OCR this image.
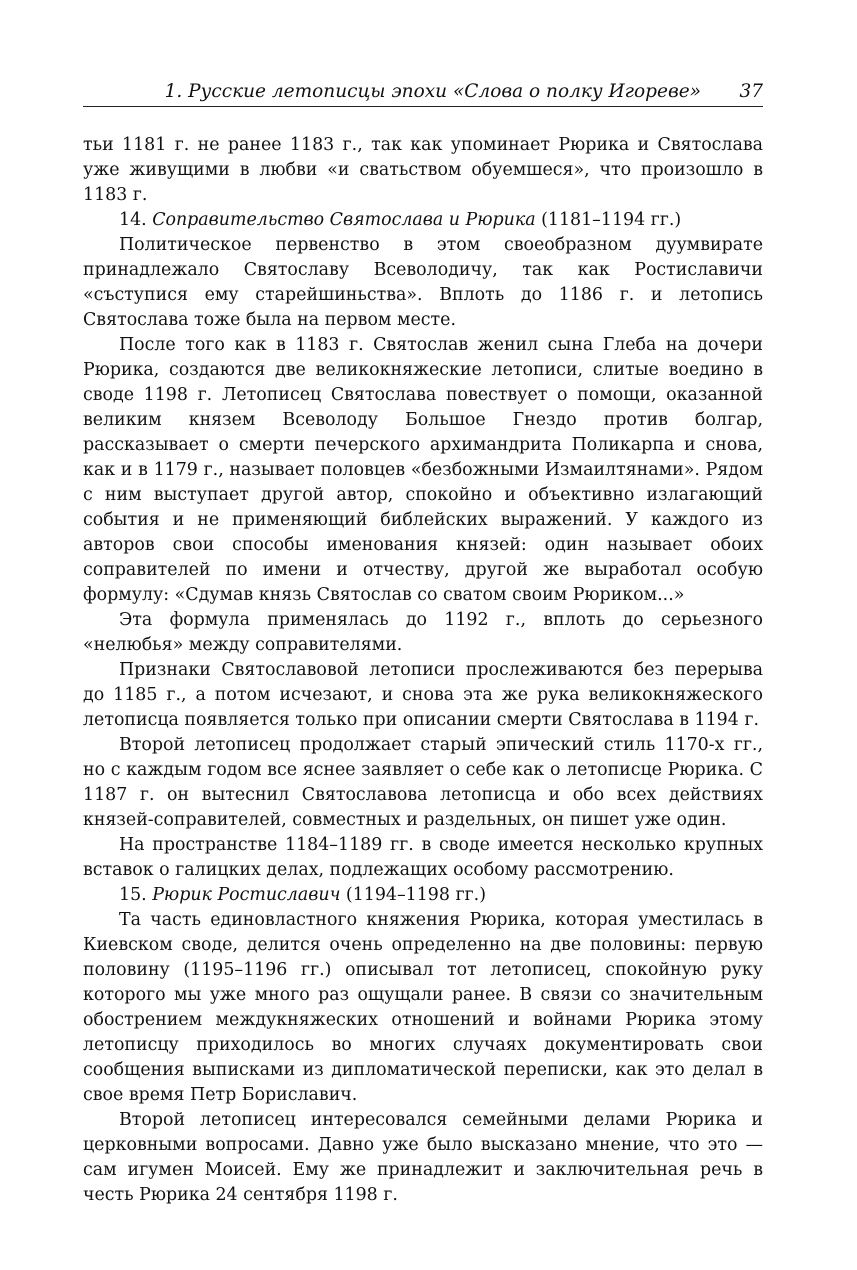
1. Русские летописцы эпохи «Слова о полку Игореве» 37

тьи 1181 г. не ранее 1183 г., так как упоминает Рюрика и Святослава уже живущими в любви «и сватьством обуемшеся», что произошло в 1183 г.

14. Соправительство Святослава и Рюрика (1181–1194 гг.)

Политическое первенство в этом своеобразном дуумвирате принадлежало Святославу Всеволодичу, так как Ростиславичи «съступися ему старейшиньства». Вплоть до 1186 г. и летопись Святослава тоже была на первом месте.

После того как в 1183 г. Святослав женил сына Глеба на дочери Рюрика, создаются две великокняжеские летописи, слитые воедино в своде 1198 г. Летописец Святослава повествует о помощи, оказанной великим князем Всеволоду Большое Гнездо против болгар, рассказывает о смерти печерского архимандрита Поликарпа и снова, как и в 1179 г., называет половцев «безбожными Измаилтянами». Рядом с ним выступает другой автор, спокойно и объективно излагающий события и не применяющий библейских выражений. У каждого из авторов свои способы именования князей: один называет обоих соправителей по имени и отчеству, другой же выработал особую формулу: «Сдумав князь Святослав со сватом своим Рюриком...»

Эта формула применялась до 1192 г., вплоть до серьезного «нелюбья» между соправителями.

Признаки Святославовой летописи прослеживаются без перерыва до 1185 г., а потом исчезают, и снова эта же рука великокняжеского летописца появляется только при описании смерти Святослава в 1194 г.

Второй летописец продолжает старый эпический стиль 1170-х гг., но с каждым годом все яснее заявляет о себе как о летописце Рюрика. С 1187 г. он вытеснил Святославова летописца и обо всех действиях князей-соправителей, совместных и раздельных, он пишет уже один.

На пространстве 1184–1189 гг. в своде имеется несколько крупных вставок о галицких делах, подлежащих особому рассмотрению.

15. Рюрик Ростиславич (1194–1198 гг.)

Та часть единовластного княжения Рюрика, которая уместилась в Киевском своде, делится очень определенно на две половины: первую половину (1195–1196 гг.) описывал тот летописец, спокойную руку которого мы уже много раз ощущали ранее. В связи со значительным обострением междукняжеских отношений и войнами Рюрика этому летописцу приходилось во многих случаях документировать свои сообщения выписками из дипломатической переписки, как это делал в свое время Петр Бориславич.

Второй летописец интересовался семейными делами Рюрика и церковными вопросами. Давно уже было высказано мнение, что это — сам игумен Моисей. Ему же принадлежит и заключительная речь в честь Рюрика 24 сентября 1198 г.
